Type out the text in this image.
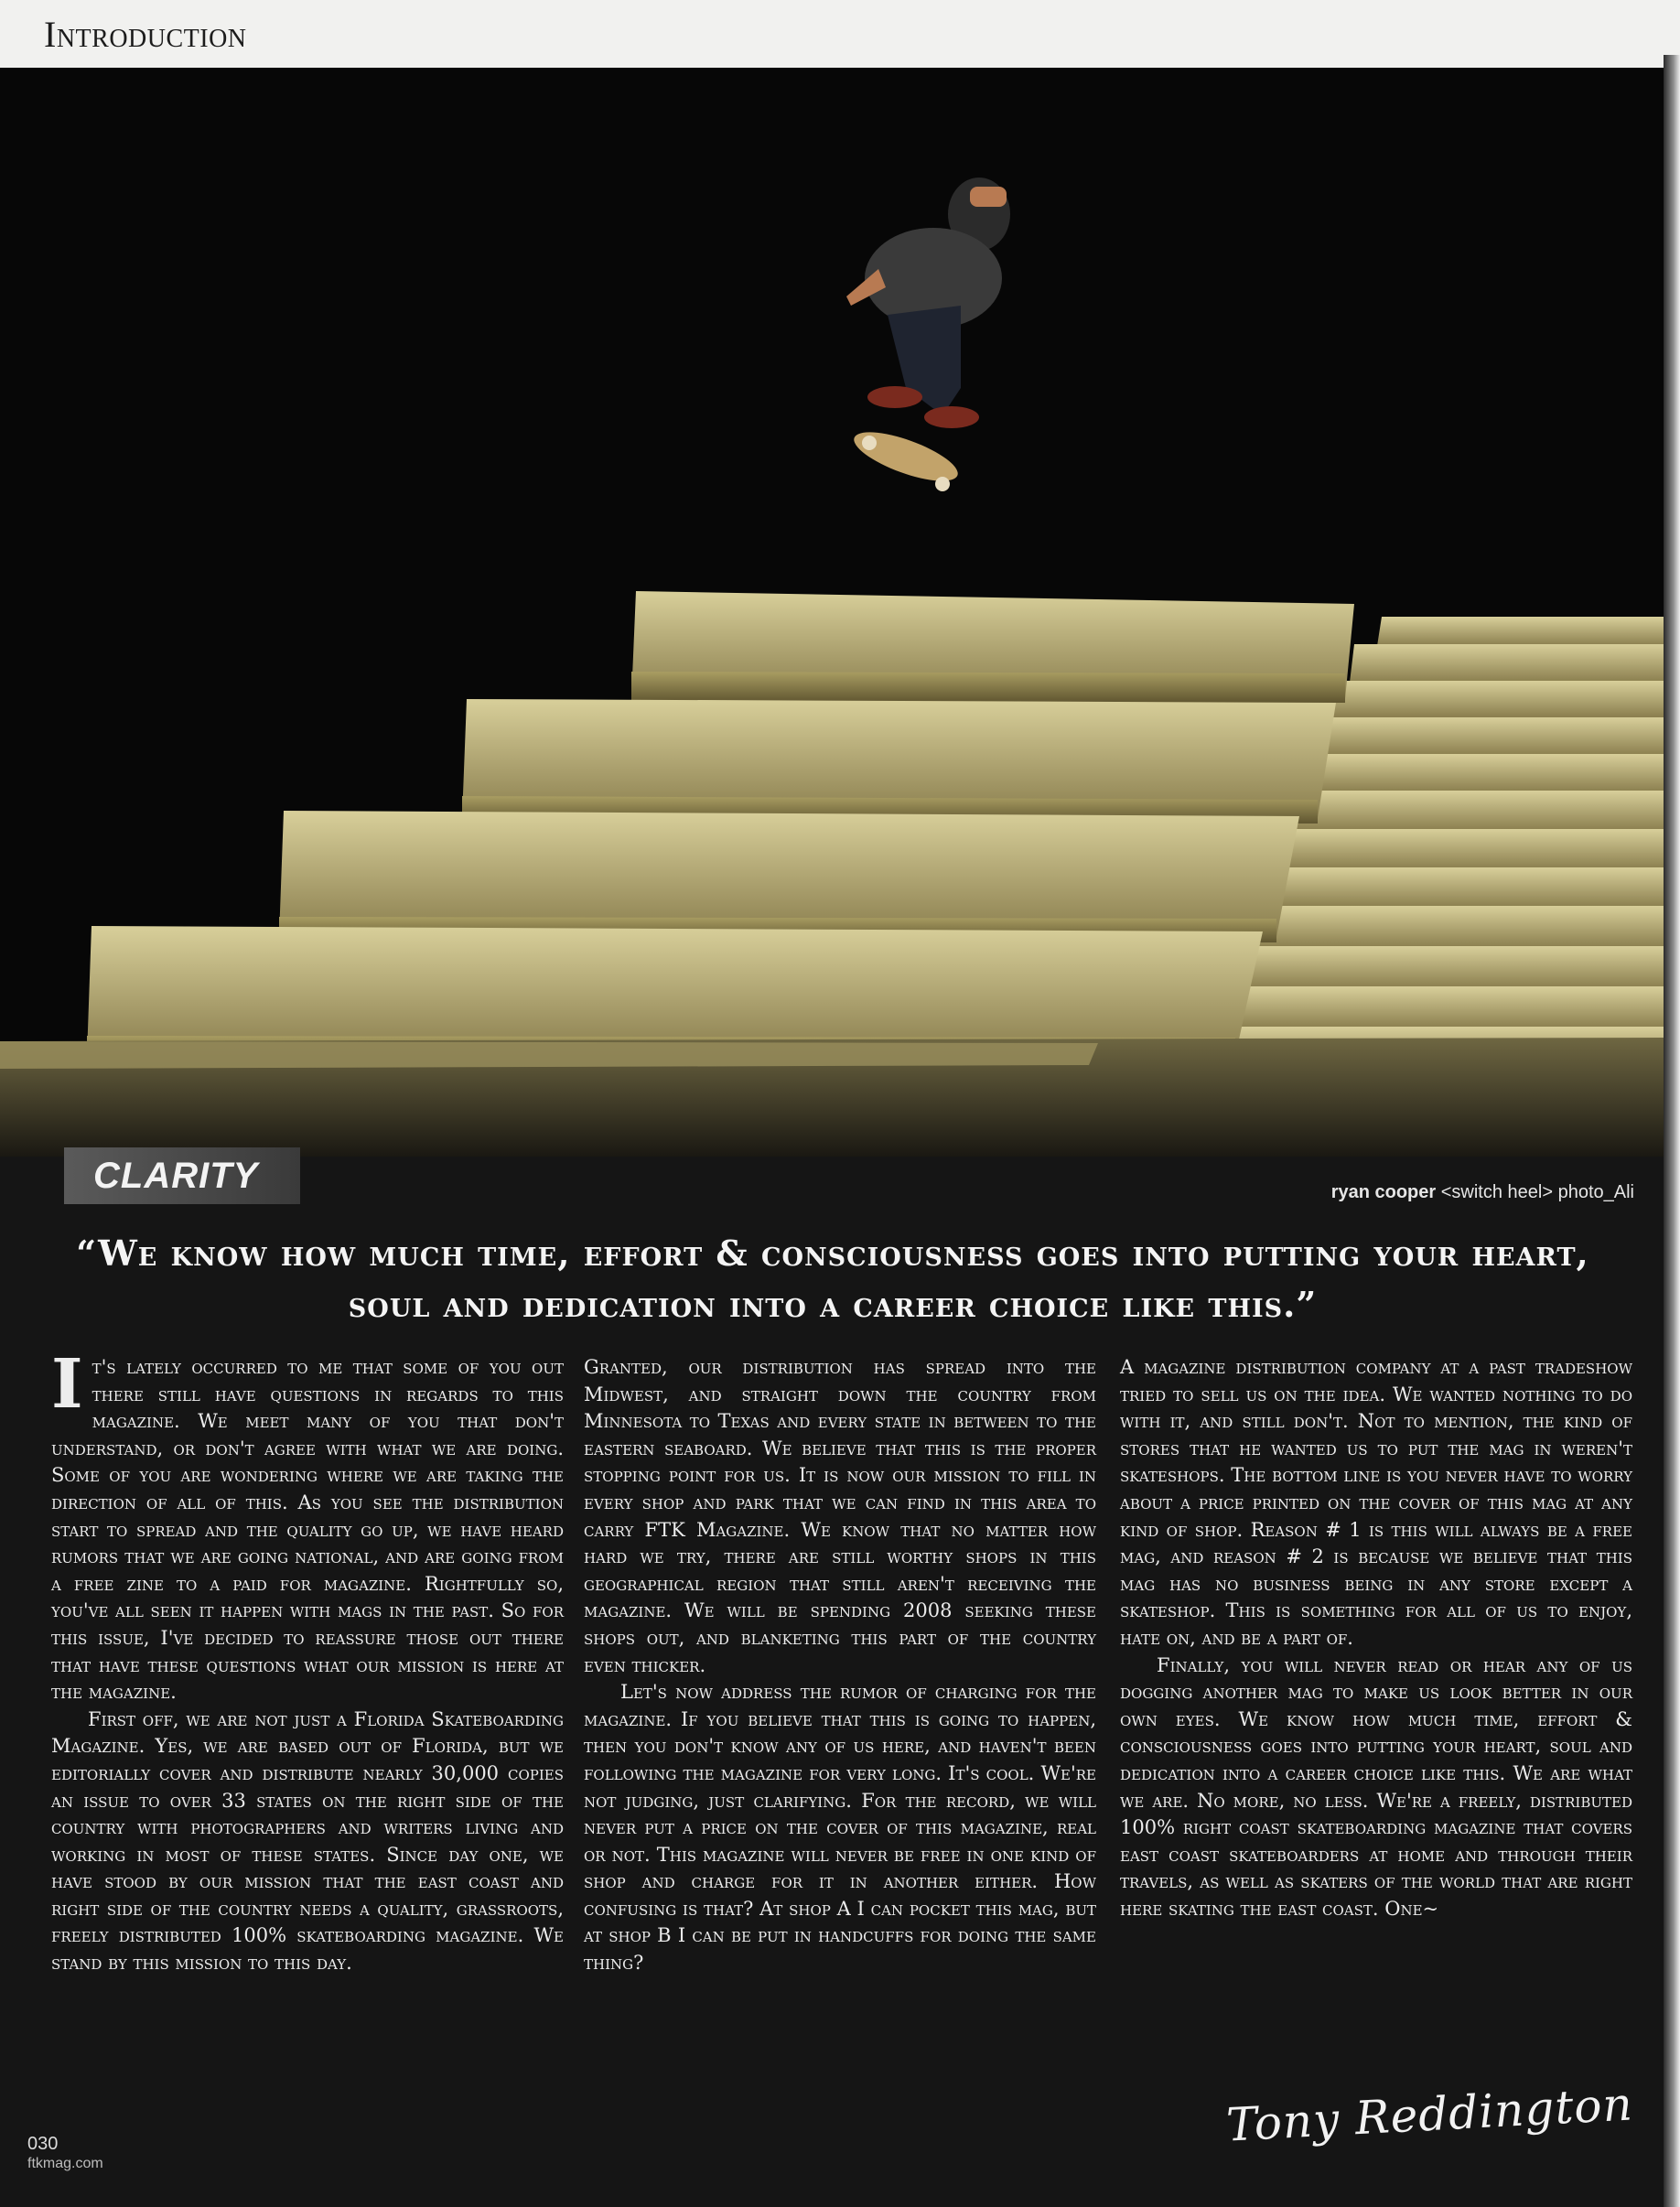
Introduction
CLARITY	ryan cooper <switch heel> photo_Ali
“We know how much time, effort & consciousness goes into putting your heart, soul and dedication into a career choice like this.”

It's lately occurred to me that some of you out there still have questions in regards to this magazine. We meet many of you that don't understand, or don't agree with what we are doing. Some of you are wondering where we are taking the direction of all of this. As you see the distribution start to spread and the quality go up, we have heard rumors that we are going national, and are going from a free zine to a paid for magazine. Rightfully so, you've all seen it happen with mags in the past. So for this issue, I've decided to reassure those out there that have these questions what our mission is here at the magazine.

First off, we are not just a Florida Skateboarding Magazine. Yes, we are based out of Florida, but we editorially cover and distribute nearly 30,000 copies an issue to over 33 states on the right side of the country with photographers and writers living and working in most of these states. Since day one, we have stood by our mission that the east coast and right side of the country needs a quality, grassroots, freely distributed 100% skateboarding magazine. We stand by this mission to this day.

Granted, our distribution has spread into the Midwest, and straight down the country from Minnesota to Texas and every state in between to the eastern seaboard. We believe that this is the proper stopping point for us. It is now our mission to fill in every shop and park that we can find in this area to carry FTK Magazine. We know that no matter how hard we try, there are still worthy shops in this geographical region that still aren't receiving the magazine. We will be spending 2008 seeking these shops out, and blanketing this part of the country even thicker.

Let's now address the rumor of charging for the magazine. If you believe that this is going to happen, then you don't know any of us here, and haven't been following the magazine for very long. It's cool. We're not judging, just clarifying. For the record, we will never put a price on the cover of this magazine, real or not. This magazine will never be free in one kind of shop and charge for it in another either. How confusing is that? At shop A I can pocket this mag, but at shop B I can be put in handcuffs for doing the same thing?

A magazine distribution company at a past tradeshow tried to sell us on the idea. We wanted nothing to do with it, and still don't. Not to mention, the kind of stores that he wanted us to put the mag in weren't skateshops. The bottom line is you never have to worry about a price printed on the cover of this mag at any kind of shop. Reason # 1 is this will always be a free mag, and reason # 2 is because we believe that this mag has no business being in any store except a skateshop. This is something for all of us to enjoy, hate on, and be a part of.

Finally, you will never read or hear any of us dogging another mag to make us look better in our own eyes. We know how much time, effort & consciousness goes into putting your heart, soul and dedication into a career choice like this. We are what we are. No more, no less. We're a freely, distributed 100% right coast skateboarding magazine that covers east coast skateboarders at home and through their travels, as well as skaters of the world that are right here skating the east coast. One~

Tony Reddington
030
ftkmag.com
